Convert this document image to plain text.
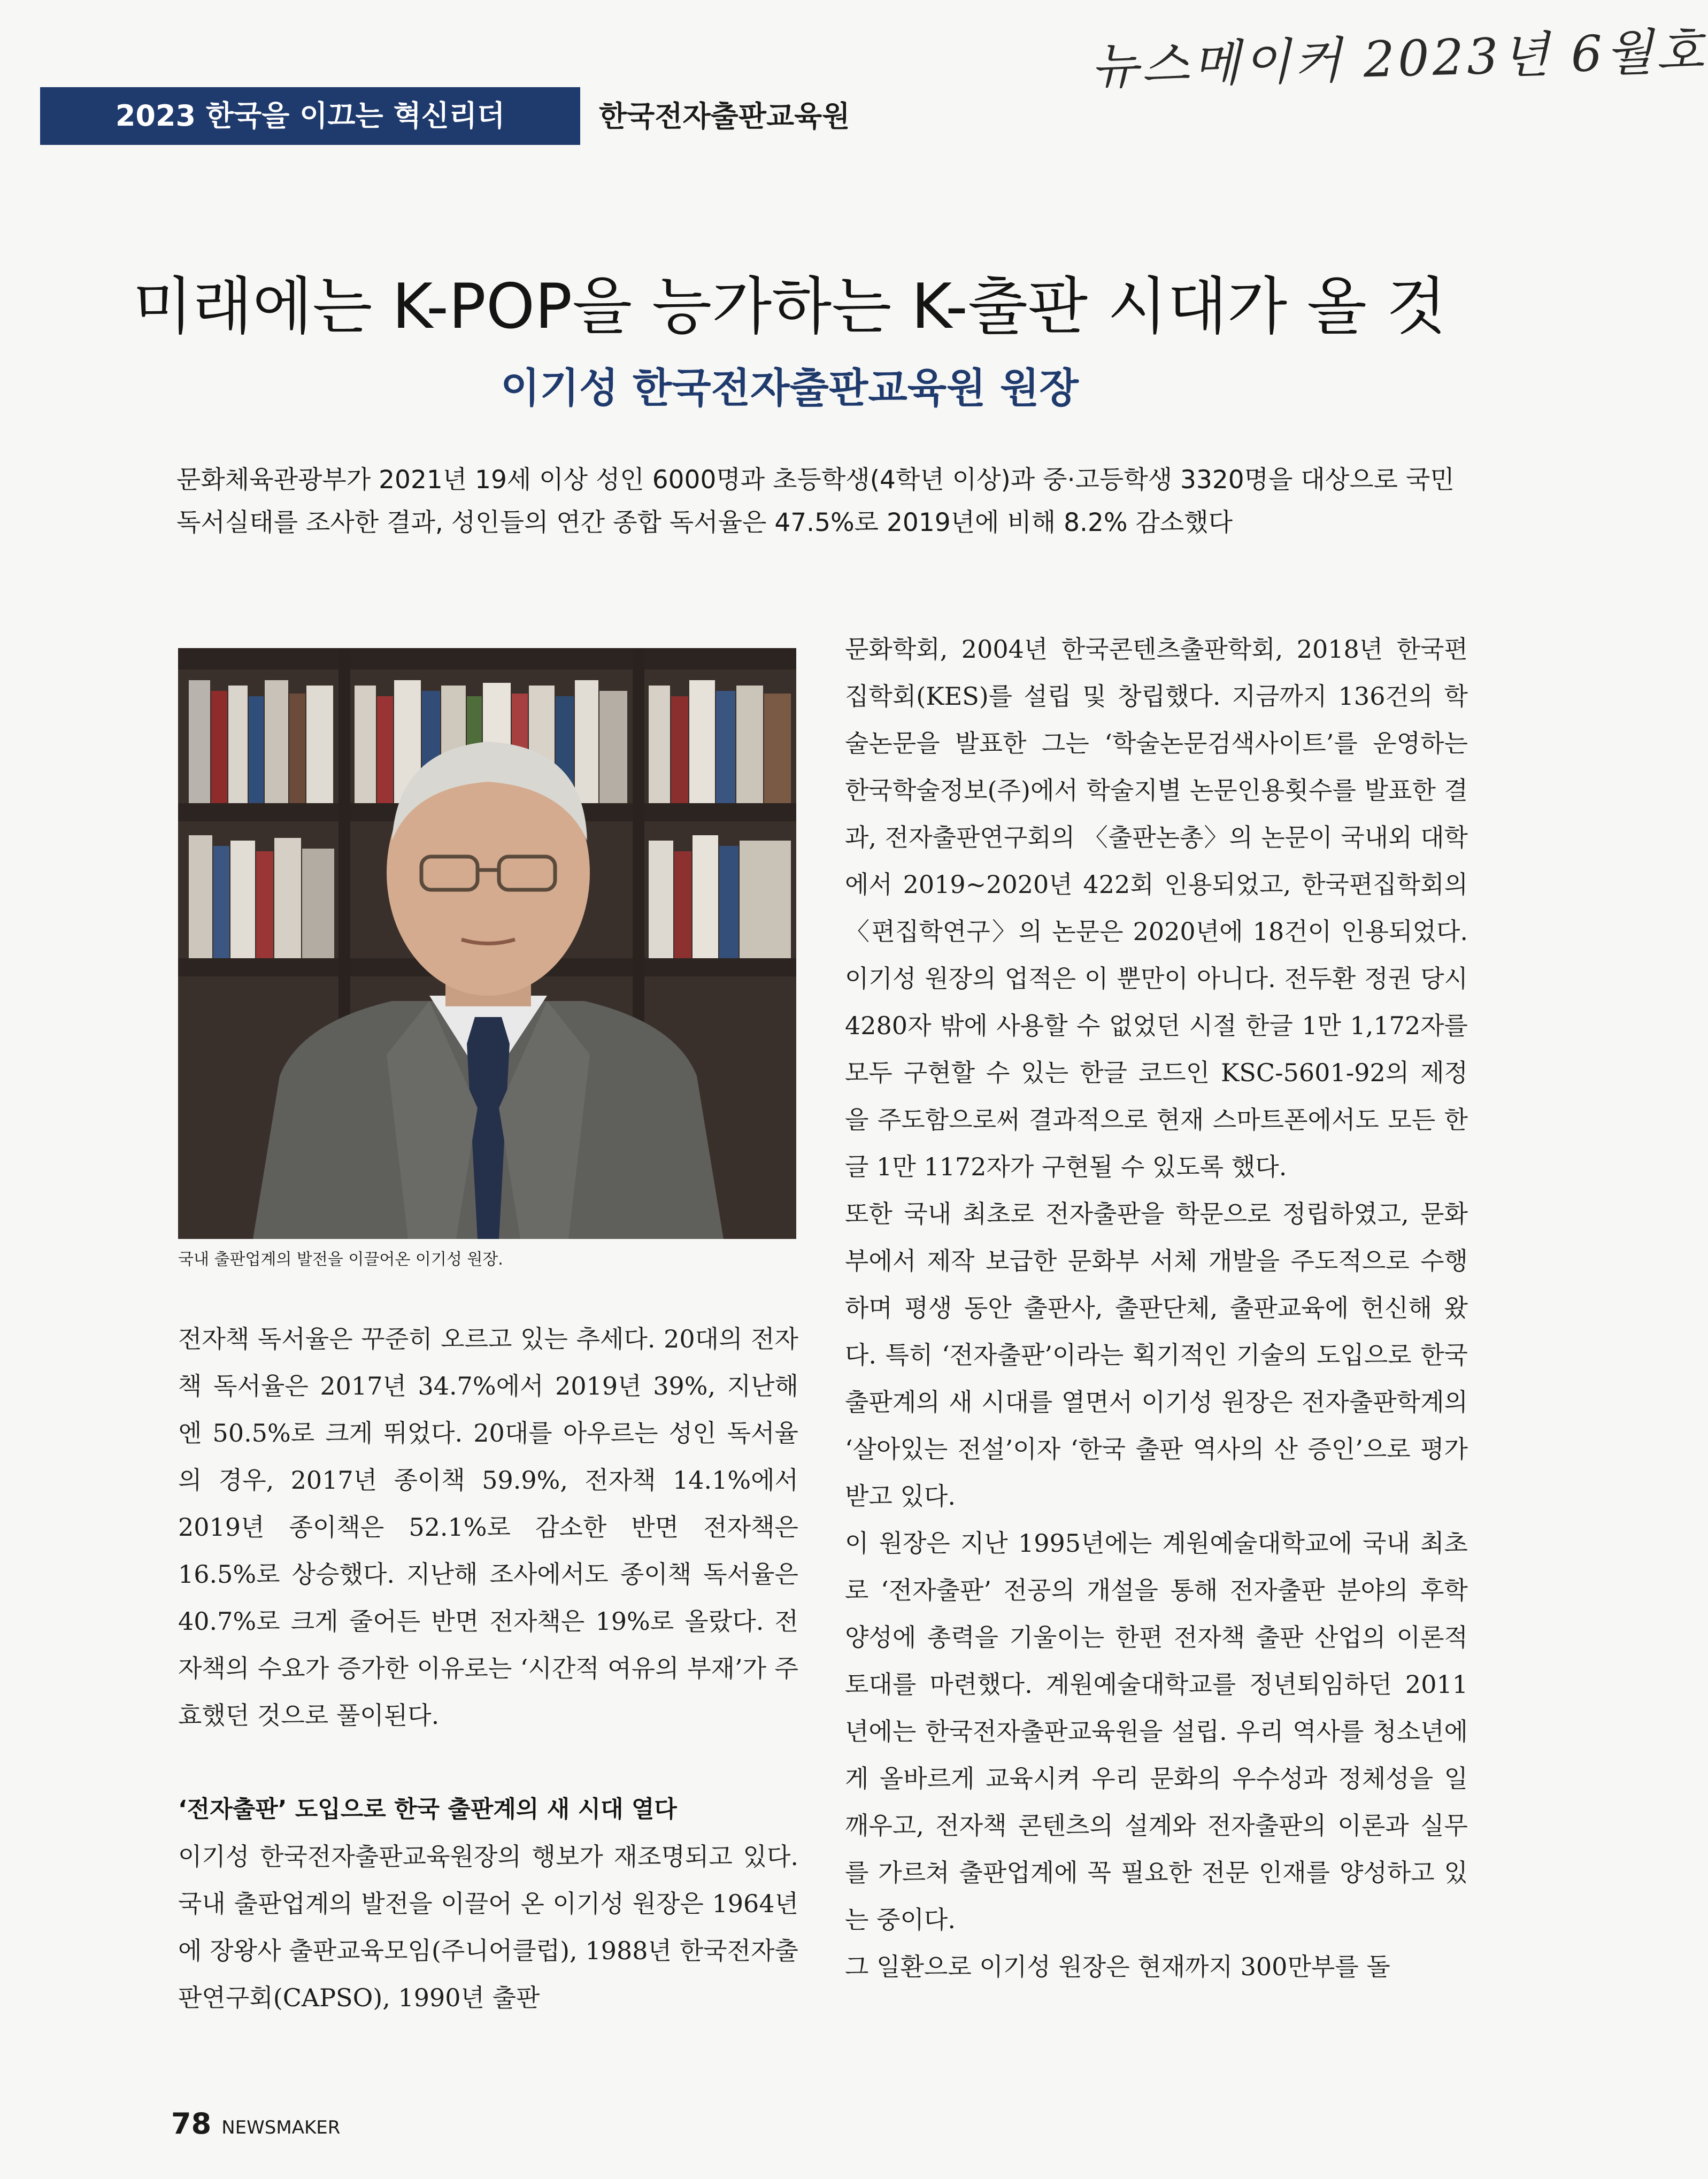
뉴스메이커 2023년 6월호
2023 한국을 이끄는 혁신리더	한국전자출판교육원
미래에는 K-POP을 능가하는 K-출판 시대가 올 것
이기성 한국전자출판교육원 원장
문화체육관광부가 2021년 19세 이상 성인 6000명과 초등학생(4학년 이상)과 중·고등학생 3320명을 대상으로 국민 독서실태를 조사한 결과, 성인들의 연간 종합 독서율은 47.5%로 2019년에 비해 8.2% 감소했다
국내 출판업계의 발전을 이끌어온 이기성 원장.

전자책 독서율은 꾸준히 오르고 있는 추세다. 20대의 전자책 독서율은 2017년 34.7%에서 2019년 39%, 지난해엔 50.5%로 크게 뛰었다. 20대를 아우르는 성인 독서율의 경우, 2017년 종이책 59.9%, 전자책 14.1%에서 2019년 종이책은 52.1%로 감소한 반면 전자책은 16.5%로 상승했다. 지난해 조사에서도 종이책 독서율은 40.7%로 크게 줄어든 반면 전자책은 19%로 올랐다. 전자책의 수요가 증가한 이유로는 ‘시간적 여유의 부재’가 주효했던 것으로 풀이된다.

‘전자출판’ 도입으로 한국 출판계의 새 시대 열다

이기성 한국전자출판교육원장의 행보가 재조명되고 있다. 국내 출판업계의 발전을 이끌어 온 이기성 원장은 1964년에 장왕사 출판교육모임(주니어클럽), 1988년 한국전자출판연구회(CAPSO), 1990년 출판

문화학회, 2004년 한국콘텐츠출판학회, 2018년 한국편집학회(KES)를 설립 및 창립했다. 지금까지 136건의 학술논문을 발표한 그는 ‘학술논문검색사이트’를 운영하는 한국학술정보(주)에서 학술지별 논문인용횟수를 발표한 결과, 전자출판연구회의 〈출판논총〉의 논문이 국내외 대학에서 2019~2020년 422회 인용되었고, 한국편집학회의 〈편집학연구〉의 논문은 2020년에 18건이 인용되었다. 이기성 원장의 업적은 이 뿐만이 아니다. 전두환 정권 당시 4280자 밖에 사용할 수 없었던 시절 한글 1만 1,172자를 모두 구현할 수 있는 한글 코드인 KSC-5601-92의 제정을 주도함으로써 결과적으로 현재 스마트폰에서도 모든 한글 1만 1172자가 구현될 수 있도록 했다.

또한 국내 최초로 전자출판을 학문으로 정립하였고, 문화부에서 제작 보급한 문화부 서체 개발을 주도적으로 수행하며 평생 동안 출판사, 출판단체, 출판교육에 헌신해 왔다. 특히 ‘전자출판’이라는 획기적인 기술의 도입으로 한국 출판계의 새 시대를 열면서 이기성 원장은 전자출판학계의 ‘살아있는 전설’이자 ‘한국 출판 역사의 산 증인’으로 평가받고 있다.

이 원장은 지난 1995년에는 계원예술대학교에 국내 최초로 ‘전자출판’ 전공의 개설을 통해 전자출판 분야의 후학 양성에 총력을 기울이는 한편 전자책 출판 산업의 이론적 토대를 마련했다. 계원예술대학교를 정년퇴임하던 2011년에는 한국전자출판교육원을 설립. 우리 역사를 청소년에게 올바르게 교육시켜 우리 문화의 우수성과 정체성을 일깨우고, 전자책 콘텐츠의 설계와 전자출판의 이론과 실무를 가르쳐 출판업계에 꼭 필요한 전문 인재를 양성하고 있는 중이다.

그 일환으로 이기성 원장은 현재까지 300만부를 돌

78 NEWSMAKER
